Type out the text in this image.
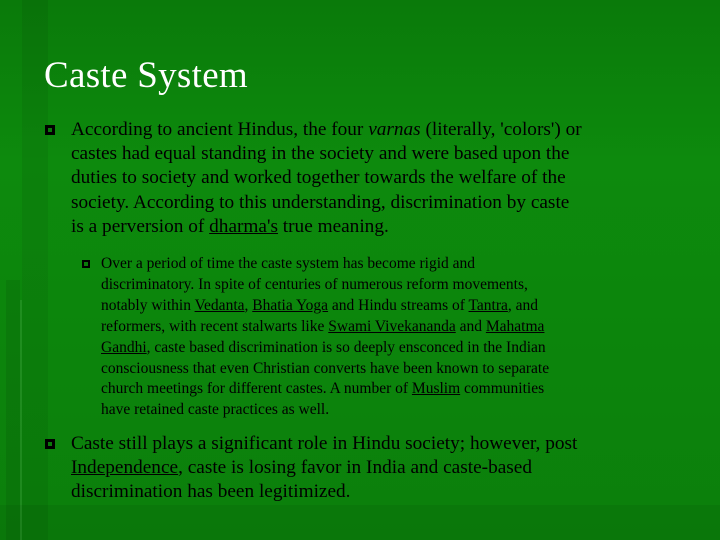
Caste System
According to ancient Hindus, the four varnas (literally, 'colors') or
castes had equal standing in the society and were based upon the
duties to society and worked together towards the welfare of the
society. According to this understanding, discrimination by caste
is a perversion of dharma's true meaning.
Over a period of time the caste system has become rigid and
discriminatory. In spite of centuries of numerous reform movements,
notably within Vedanta, Bhatia Yoga and Hindu streams of Tantra, and
reformers, with recent stalwarts like Swami Vivekananda and Mahatma
Gandhi, caste based discrimination is so deeply ensconced in the Indian
consciousness that even Christian converts have been known to separate
church meetings for different castes. A number of Muslim communities
have retained caste practices as well.
Caste still plays a significant role in Hindu society; however, post
Independence, caste is losing favor in India and caste-based
discrimination has been legitimized.
